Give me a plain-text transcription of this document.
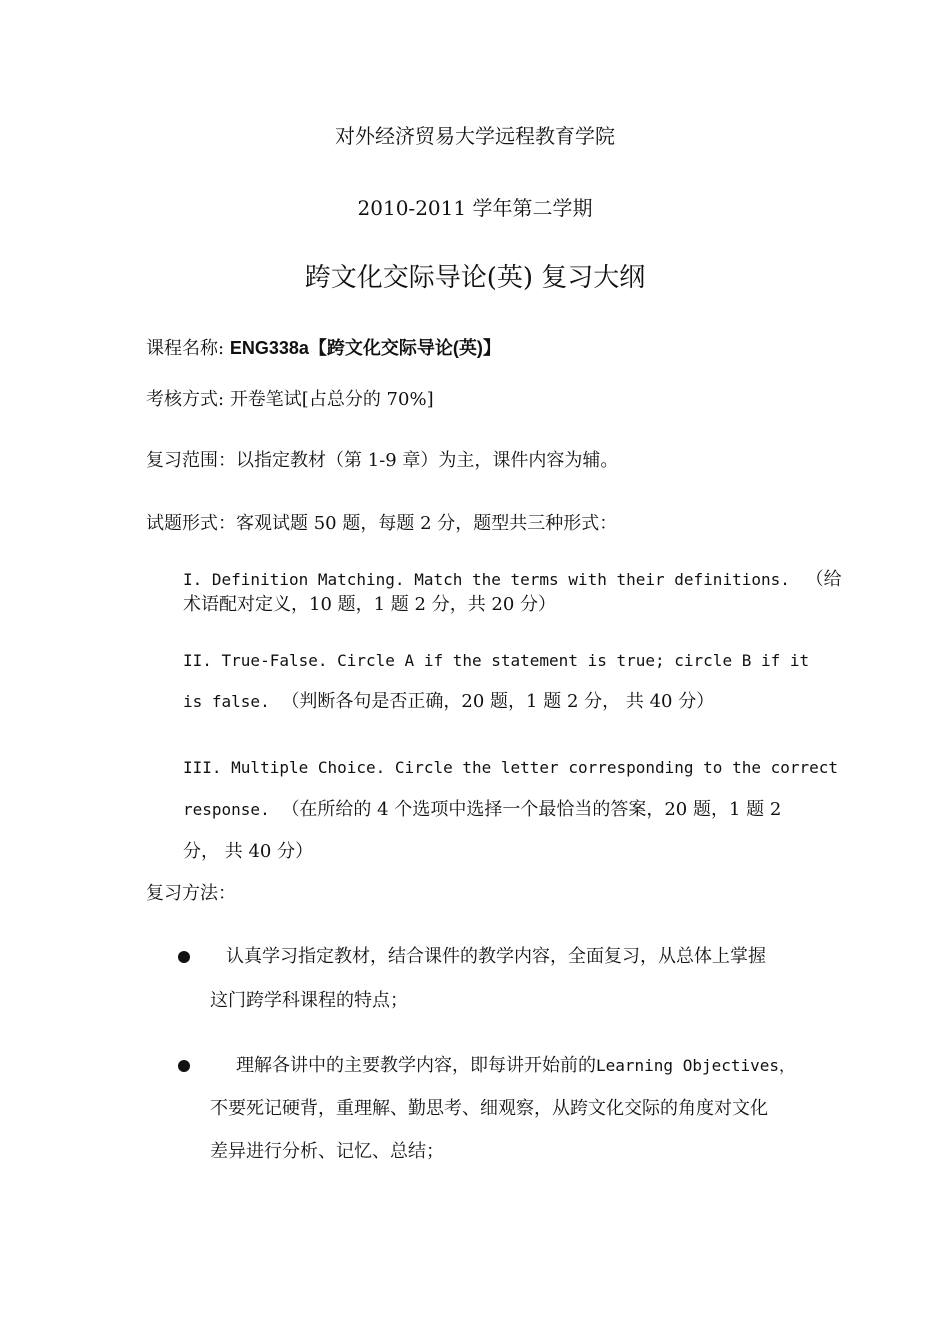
对外经济贸易大学远程教育学院
2010-2011 学年第二学期
跨文化交际导论(英) 复习大纲
课程名称: ENG338a【跨文化交际导论(英)】
考核方式: 开卷笔试[占总分的 70%]
复习范围：以指定教材（第 1-9 章）为主，课件内容为辅。
试题形式：客观试题 50 题，每题 2 分，题型共三种形式：
I. Definition Matching. Match the terms with their definitions. （给
术语配对定义，10 题，1 题 2 分，共 20 分）
II. True-False. Circle A if the statement is true; circle B if it
is false. （判断各句是否正确，20 题，1 题 2 分， 共 40 分）
III. Multiple Choice. Circle the letter corresponding to the correct
response. （在所给的 4 个选项中选择一个最恰当的答案，20 题，1 题 2
分， 共 40 分）
复习方法：
认真学习指定教材，结合课件的教学内容，全面复习，从总体上掌握
这门跨学科课程的特点；
理解各讲中的主要教学内容，即每讲开始前的Learning Objectives，
不要死记硬背，重理解、勤思考、细观察，从跨文化交际的角度对文化
差异进行分析、记忆、总结；
